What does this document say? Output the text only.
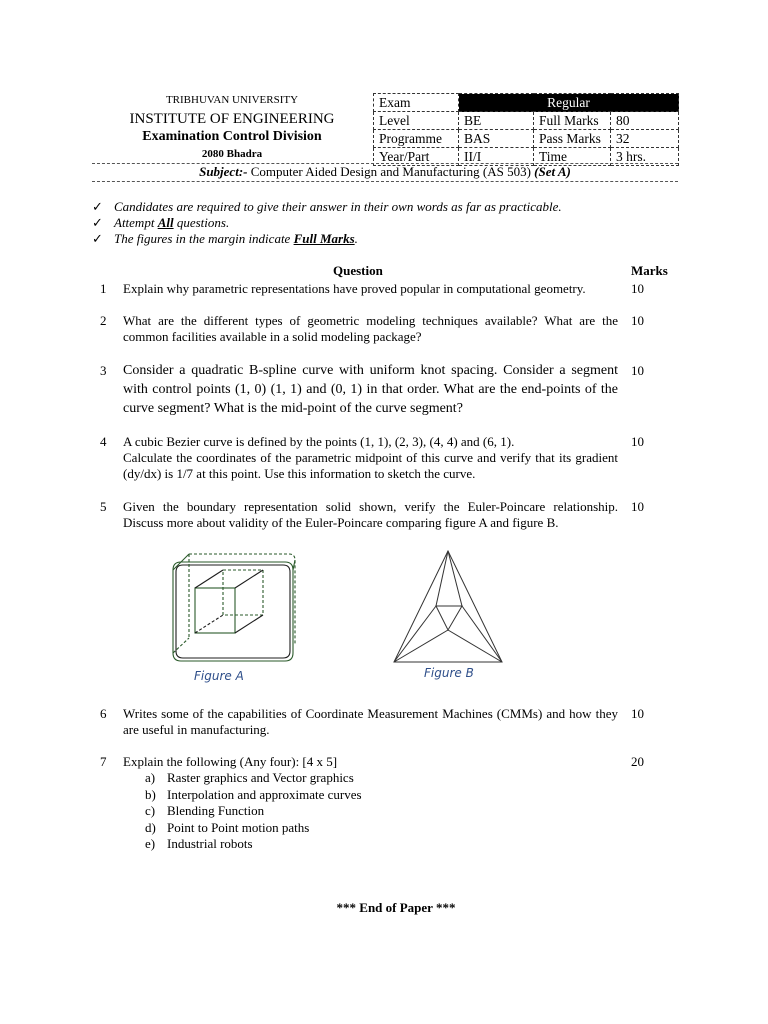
TRIBHUVAN UNIVERSITY
INSTITUTE OF ENGINEERING
Examination Control Division
2080 Bhadra
Exam	Regular		
Level	BE	Full Marks	80
Programme	BAS	Pass Marks	32
Year/Part	II/I	Time	3 hrs.
Subject:- Computer Aided Design and Manufacturing (AS 503) (Set A)
✓ Candidates are required to give their answer in their own words as far as practicable.
✓ Attempt All questions.
✓ The figures in the margin indicate Full Marks.
Question	Marks
1 Explain why parametric representations have proved popular in computational geometry.	10
2 What are the different types of geometric modeling techniques available? What are the common facilities available in a solid modeling package?
10
3 Consider a quadratic B-spline curve with uniform knot spacing. Consider a segment with control points (1, 0) (1, 1) and (0, 1) in that order. What are the end-points of the curve segment? What is the mid-point of the curve segment?
10
4 A cubic Bezier curve is defined by the points (1, 1), (2, 3), (4, 4) and (6, 1).
Calculate the coordinates of the parametric midpoint of this curve and verify that its gradient (dy/dx) is 1/7 at this point. Use this information to sketch the curve.
10
5 Given the boundary representation solid shown, verify the Euler-Poincare relationship. Discuss more about validity of the Euler-Poincare comparing figure A and figure B.
10
Figure A	Figure B
6 Writes some of the capabilities of Coordinate Measurement Machines (CMMs) and how they are useful in manufacturing.
10
7 Explain the following (Any four): [4 x 5]	20
a) Raster graphics and Vector graphics
b) Interpolation and approximate curves
c) Blending Function
d) Point to Point motion paths
e) Industrial robots
*** End of Paper ***
